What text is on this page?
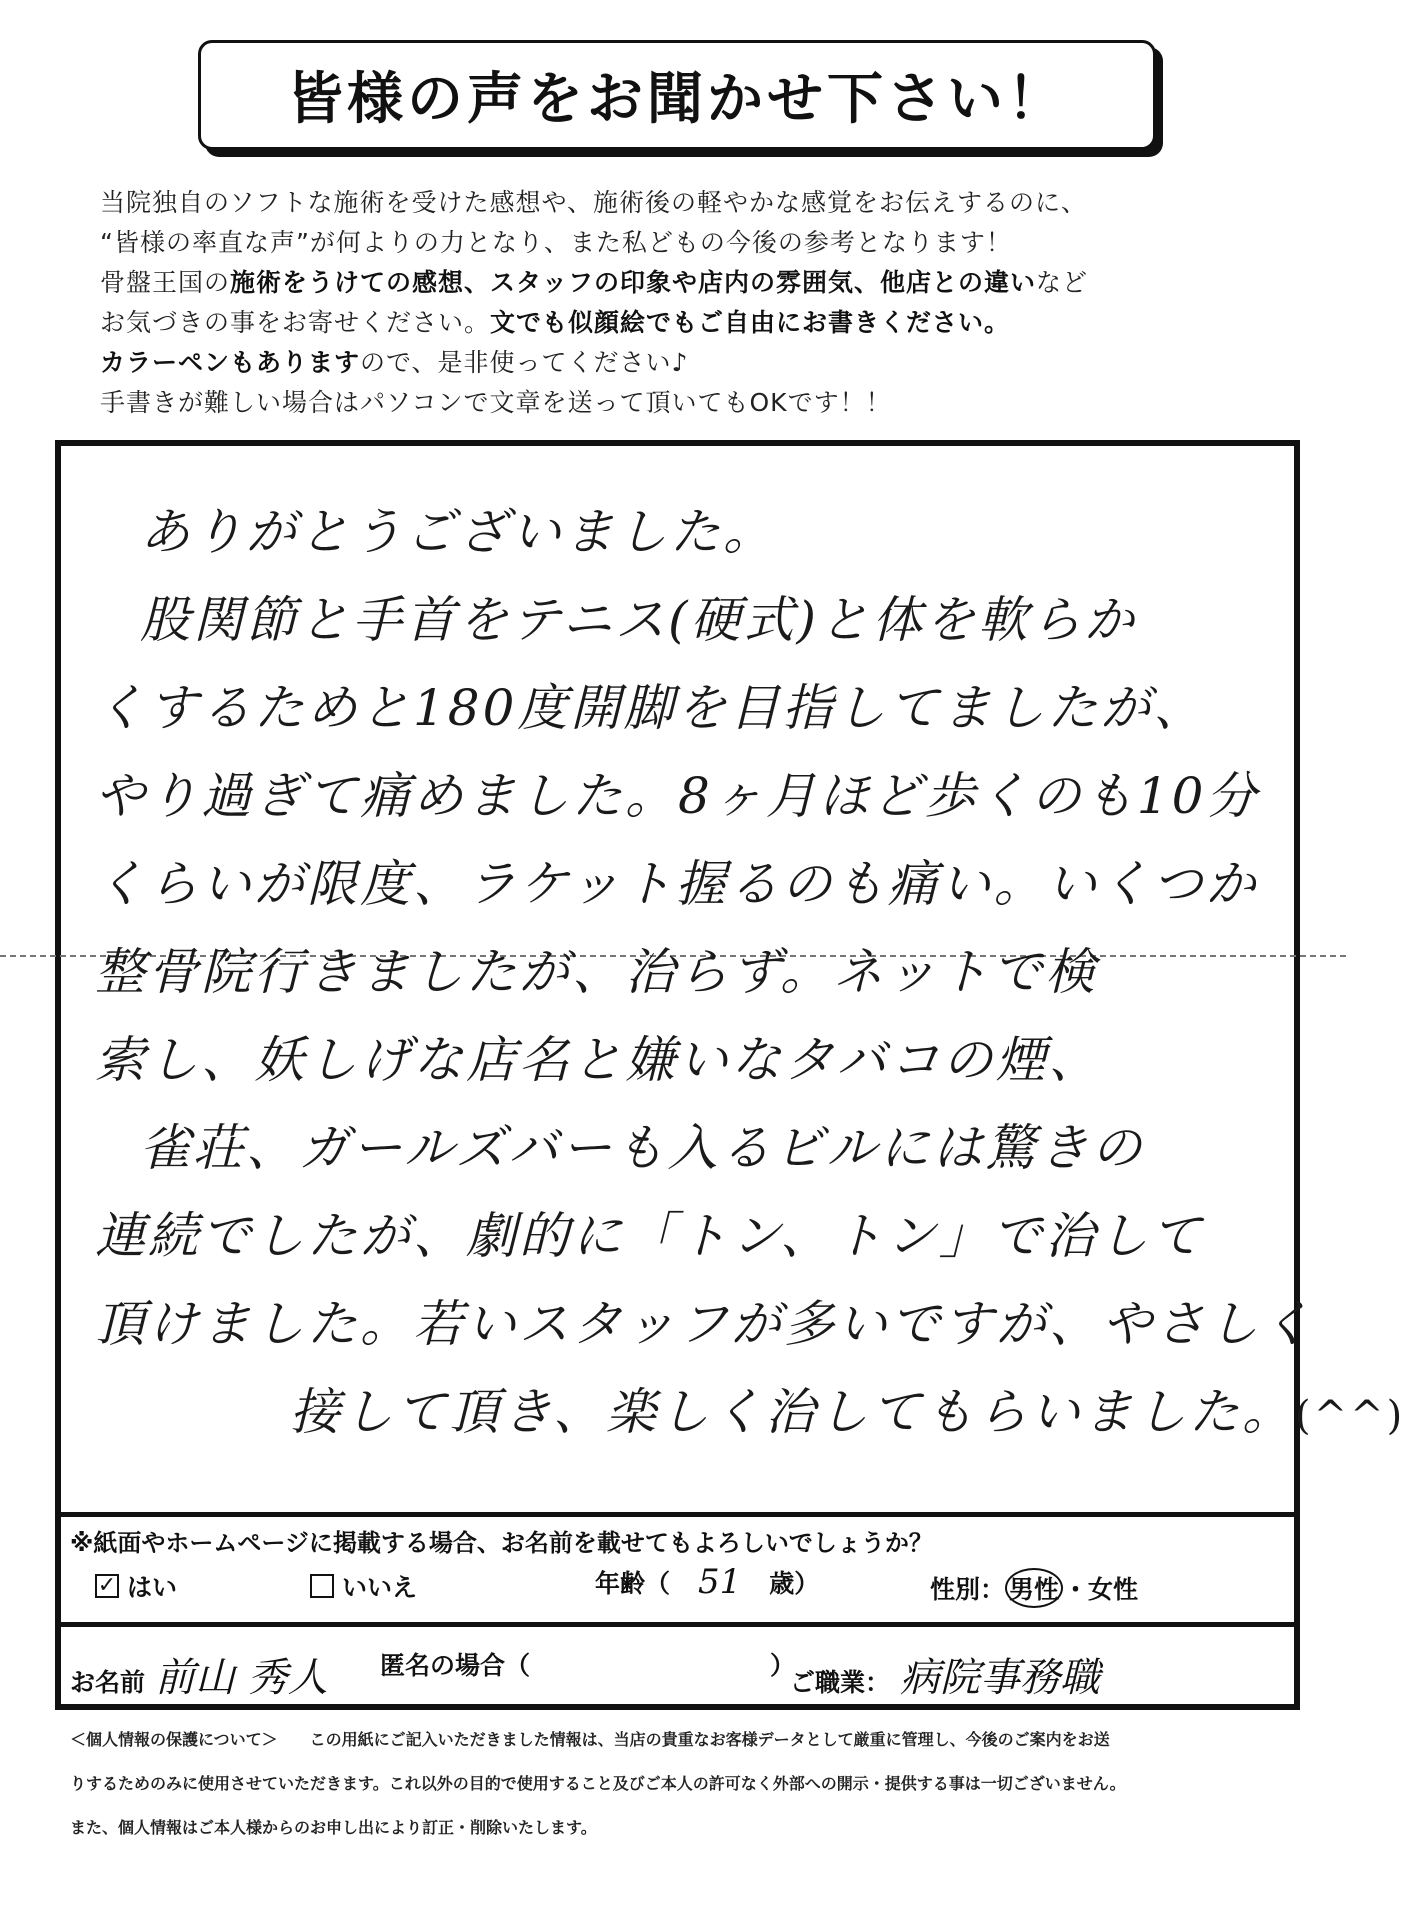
皆様の声をお聞かせ下さい！
当院独自のソフトな施術を受けた感想や、施術後の軽やかな感覚をお伝えするのに、
“皆様の率直な声”が何よりの力となり、また私どもの今後の参考となります！
骨盤王国の施術をうけての感想、スタッフの印象や店内の雰囲気、他店との違いなど
お気づきの事をお寄せください。文でも似顔絵でもご自由にお書きください。
カラーペンもありますので、是非使ってください♪
手書きが難しい場合はパソコンで文章を送って頂いてもOKです！！
ありがとうございました。
股関節と手首をテニス(硬式)と体を軟らか
くするためと180度開脚を目指してましたが、
やり過ぎて痛めました。8ヶ月ほど歩くのも10分
くらいが限度、ラケット握るのも痛い。いくつか
整骨院行きましたが、治らず。ネットで検
索し、妖しげな店名と嫌いなタバコの煙、
雀荘、ガールズバーも入るビルには驚きの
連続でしたが、劇的に「トン、トン」で治して
頂けました。若いスタッフが多いですが、やさしく
接して頂き、楽しく治してもらいました。(^^)
※紙面やホームページに掲載する場合、お名前を載せてもよろしいでしょうか？
✓ はい	いいえ	年齢（ 51 歳）	性別： 男性 ・ 女性
お名前 前山 秀人 匿名の場合（	）
ご職業： 病院事務職
＜個人情報の保護について＞　　この用紙にご記入いただきました情報は、当店の貴重なお客様データとして厳重に管理し、今後のご案内をお送
りするためのみに使用させていただきます。これ以外の目的で使用すること及びご本人の許可なく外部への開示・提供する事は一切ございません。
また、個人情報はご本人様からのお申し出により訂正・削除いたします。
